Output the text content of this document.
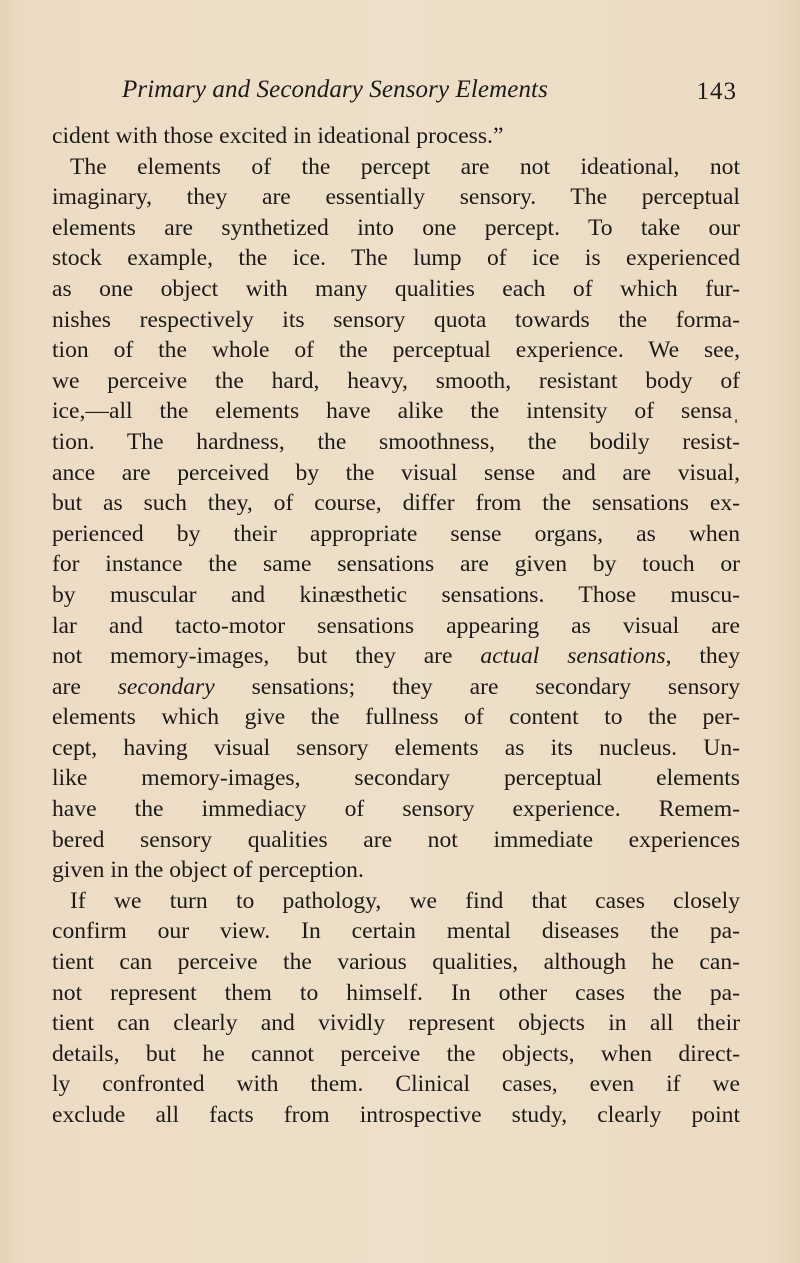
Primary and Secondary Sensory Elements	143
cident with those excited in ideational process.”
The elements of the percept are not ideational, not
imaginary, they are essentially sensory. The perceptual
elements are synthetized into one percept. To take our
stock example, the ice. The lump of ice is experienced
as one object with many qualities each of which fur-
nishes respectively its sensory quota towards the forma-
tion of the whole of the perceptual experience. We see,
we perceive the hard, heavy, smooth, resistant body of
ice,—all the elements have alike the intensity of sensaˌ
tion. The hardness, the smoothness, the bodily resist-
ance are perceived by the visual sense and are visual,
but as such they, of course, differ from the sensations ex-
perienced by their appropriate sense organs, as when
for instance the same sensations are given by touch or
by muscular and kinæsthetic sensations. Those muscu-
lar and tacto-motor sensations appearing as visual are
not memory-images, but they are actual sensations, they
are secondary sensations; they are secondary sensory
elements which give the fullness of content to the per-
cept, having visual sensory elements as its nucleus. Un-
like memory-images, secondary perceptual elements
have the immediacy of sensory experience. Remem-
bered sensory qualities are not immediate experiences
given in the object of perception.
If we turn to pathology, we find that cases closely
confirm our view. In certain mental diseases the pa-
tient can perceive the various qualities, although he can-
not represent them to himself. In other cases the pa-
tient can clearly and vividly represent objects in all their
details, but he cannot perceive the objects, when direct-
ly confronted with them. Clinical cases, even if we
exclude all facts from introspective study, clearly point
